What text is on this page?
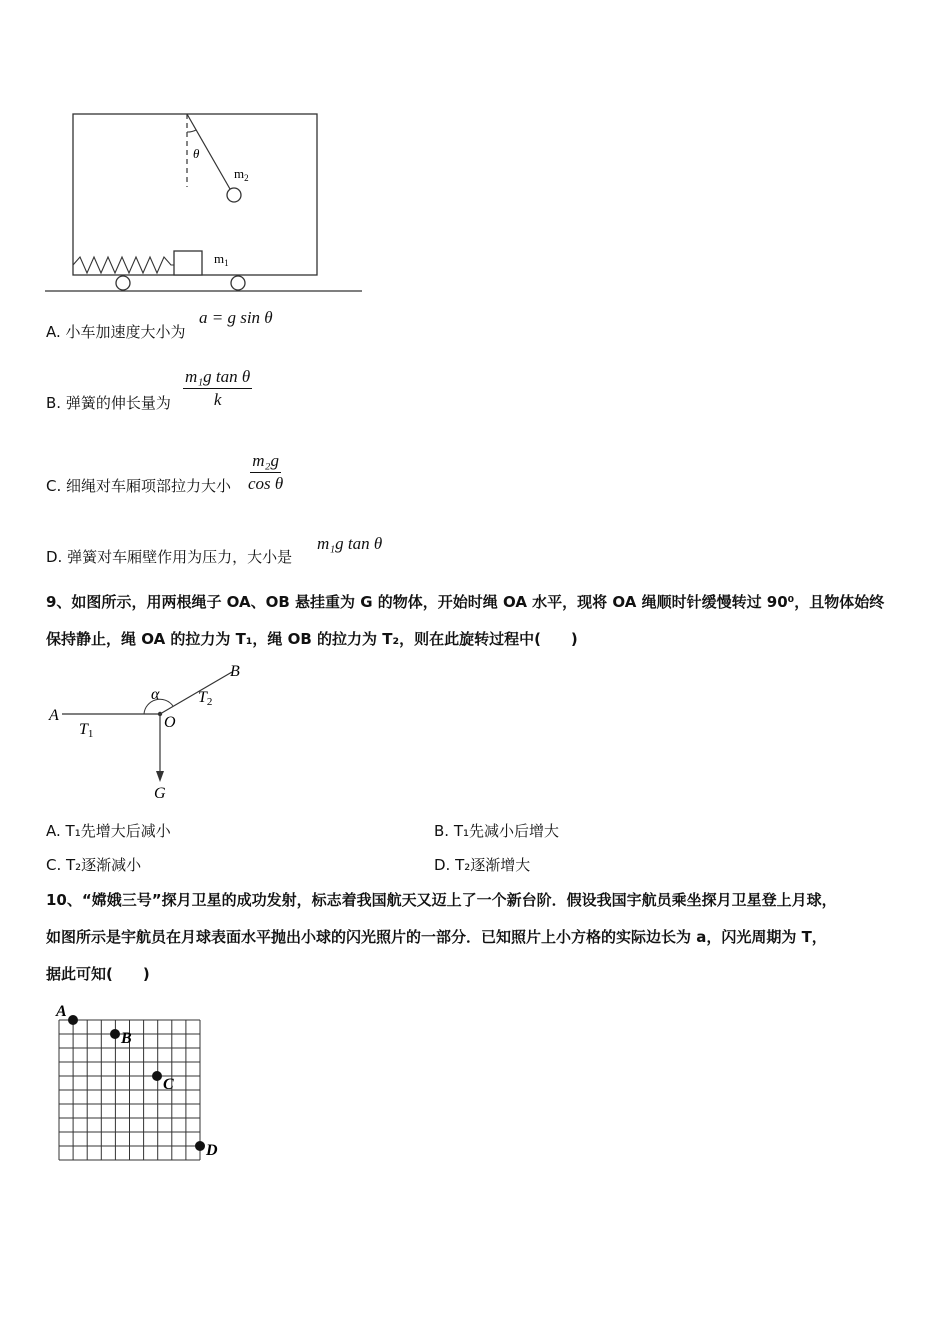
θ
$m_2$
$m_1$
A. 小车加速度大小为
a = g sin θ
B. 弹簧的伸长量为 $\frac{\text{m₁g tan θ}}{k}$
C. 细绳对车厢项部拉力大小 $\frac{\text{m₂g}}{\text{cos θ}}$
D. 弹簧对车厢壁作用为压力，大小是
m₁g tan θ
9、如图所示，用两根绳子 OA、OB 悬挂重为 G 的物体，开始时绳 OA 水平，现将 OA 绳顺时针缓慢转过 90⁰，且物体始终
保持静止，绳 OA 的拉力为 T₁，绳 OB 的拉力为 T₂，则在此旋转过程中(　　)
A
B
O
G
α
T1
T2
A. T₁先增大后减小	B. T₁先减小后增大
C. T₂逐渐减小	D. T₂逐渐增大
10、“嫦娥三号”探月卫星的成功发射，标志着我国航天又迈上了一个新台阶．假设我国宇航员乘坐探月卫星登上月球，
如图所示是宇航员在月球表面水平抛出小球的闪光照片的一部分．已知照片上小方格的实际边长为 a，闪光周期为 T，
据此可知(　　)
A
B
C
D
